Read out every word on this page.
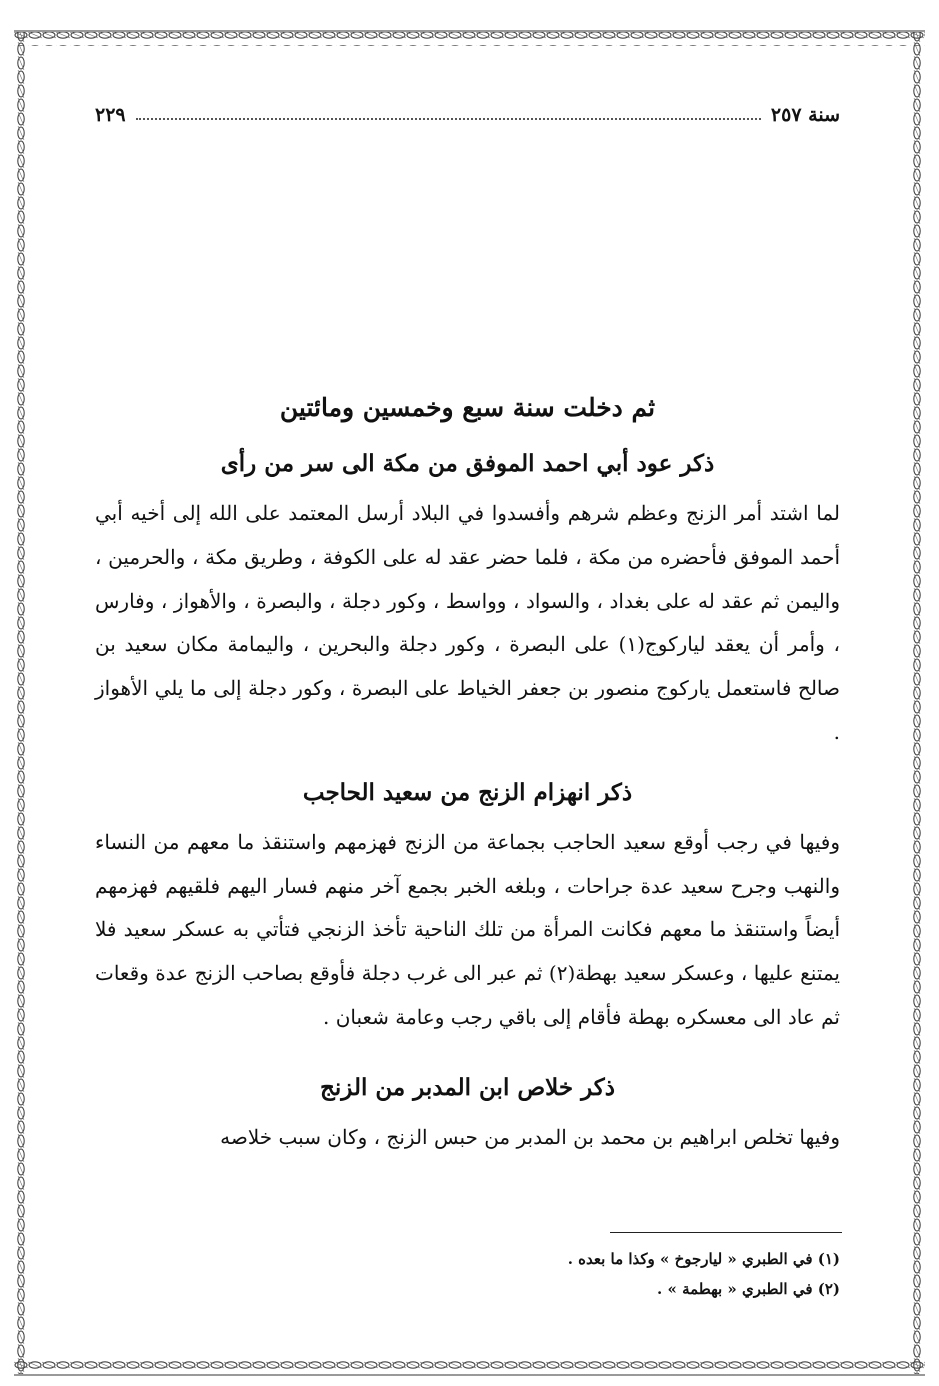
سنة ٢٥٧
٢٢٩
ثم دخلت سنة سبع وخمسين ومائتين
ذكر عود أبي احمد الموفق من مكة الى سر من رأى

لما اشتد أمر الزنج وعظم شرهم وأفسدوا في البلاد أرسل المعتمد على الله إلى أخيه أبي أحمد الموفق فأحضره من مكة ، فلما حضر عقد له على الكوفة ، وطريق مكة ، والحرمين ، واليمن ثم عقد له على بغداد ، والسواد ، وواسط ، وكور دجلة ، والبصرة ، والأهواز ، وفارس ، وأمر أن يعقد لياركوج(١) على البصرة ، وكور دجلة والبحرين ، واليمامة مكان سعيد بن صالح فاستعمل ياركوج منصور بن جعفر الخياط على البصرة ، وكور دجلة إلى ما يلي الأهواز .

ذكر انهزام الزنج من سعيد الحاجب

وفيها في رجب أوقع سعيد الحاجب بجماعة من الزنج فهزمهم واستنقذ ما معهم من النساء والنهب وجرح سعيد عدة جراحات ، وبلغه الخبر بجمع آخر منهم فسار اليهم فلقيهم فهزمهم أيضاً واستنقذ ما معهم فكانت المرأة من تلك الناحية تأخذ الزنجي فتأتي به عسكر سعيد فلا يمتنع عليها ، وعسكر سعيد بهطة(٢) ثم عبر الى غرب دجلة فأوقع بصاحب الزنج عدة وقعات ثم عاد الى معسكره بهطة فأقام إلى باقي رجب وعامة شعبان .

ذكر خلاص ابن المدبر من الزنج

وفيها تخلص ابراهيم بن محمد بن المدبر من حبس الزنج ، وكان سبب خلاصه

(١) في الطبري « ليارجوخ » وكذا ما بعده .
(٢) في الطبري « بهطمة » .
